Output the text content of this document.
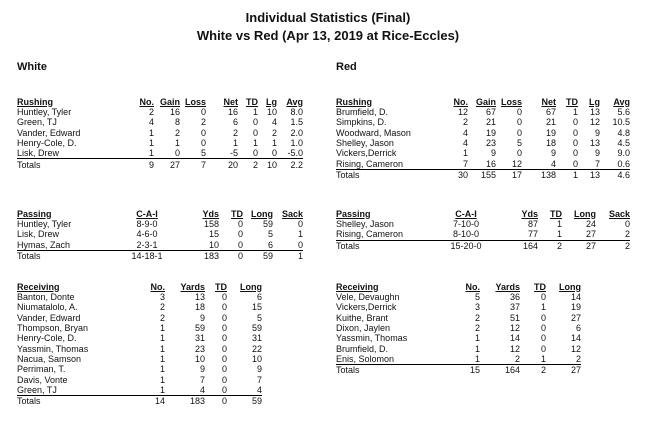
Individual Statistics (Final)
White vs Red (Apr 13, 2019 at Rice-Eccles)
White	Red
Rushing	No.	Gain	Loss	Net	TD	Lg	Avg
Huntley, Tyler	2	16	0	16	1	10	8.0
Green, TJ	4	8	2	6	0	4	1.5
Vander, Edward	1	2	0	2	0	2	2.0
Henry-Cole, D.	1	1	0	1	1	1	1.0
Lisk, Drew	1	0	5	-5	0	0	-5.0
Totals	9	27	7	20	2	10	2.2
Passing	C-A-I	Yds	TD	Long	Sack
Huntley, Tyler	8-9-0	158	0	59	0
Lisk, Drew	4-6-0	15	0	5	1
Hymas, Zach	2-3-1	10	0	6	0
Totals	14-18-1	183	0	59	1
Receiving	No.	Yards	TD	Long
Banton, Donte	3	13	0	6
Niumatalolo, A.	2	18	0	15
Vander, Edward	2	9	0	5
Thompson, Bryan	1	59	0	59
Henry-Cole, D.	1	31	0	31
Yassmin, Thomas	1	23	0	22
Nacua, Samson	1	10	0	10
Perriman, T.	1	9	0	9
Davis, Vonte	1	7	0	7
Green, TJ	1	4	0	4
Totals	14	183	0	59
Rushing	No.	Gain	Loss	Net	TD	Lg	Avg
Brumfield, D.	12	67	0	67	1	13	5.6
Simpkins, D.	2	21	0	21	0	12	10.5
Woodward, Mason	4	19	0	19	0	9	4.8
Shelley, Jason	4	23	5	18	0	13	4.5
Vickers,Derrick	1	9	0	9	0	9	9.0
Rising, Cameron	7	16	12	4	0	7	0.6
Totals	30	155	17	138	1	13	4.6
Passing	C-A-I	Yds	TD	Long	Sack
Shelley, Jason	7-10-0	87	1	24	0
Rising, Cameron	8-10-0	77	1	27	2
Totals	15-20-0	164	2	27	2
Receiving	No.	Yards	TD	Long
Vele, Devaughn	5	36	0	14
Vickers,Derrick	3	37	1	19
Kuithe, Brant	2	51	0	27
Dixon, Jaylen	2	12	0	6
Yassmin, Thomas	1	14	0	14
Brumfield, D.	1	12	0	12
Enis, Solomon	1	2	1	2
Totals	15	164	2	27
